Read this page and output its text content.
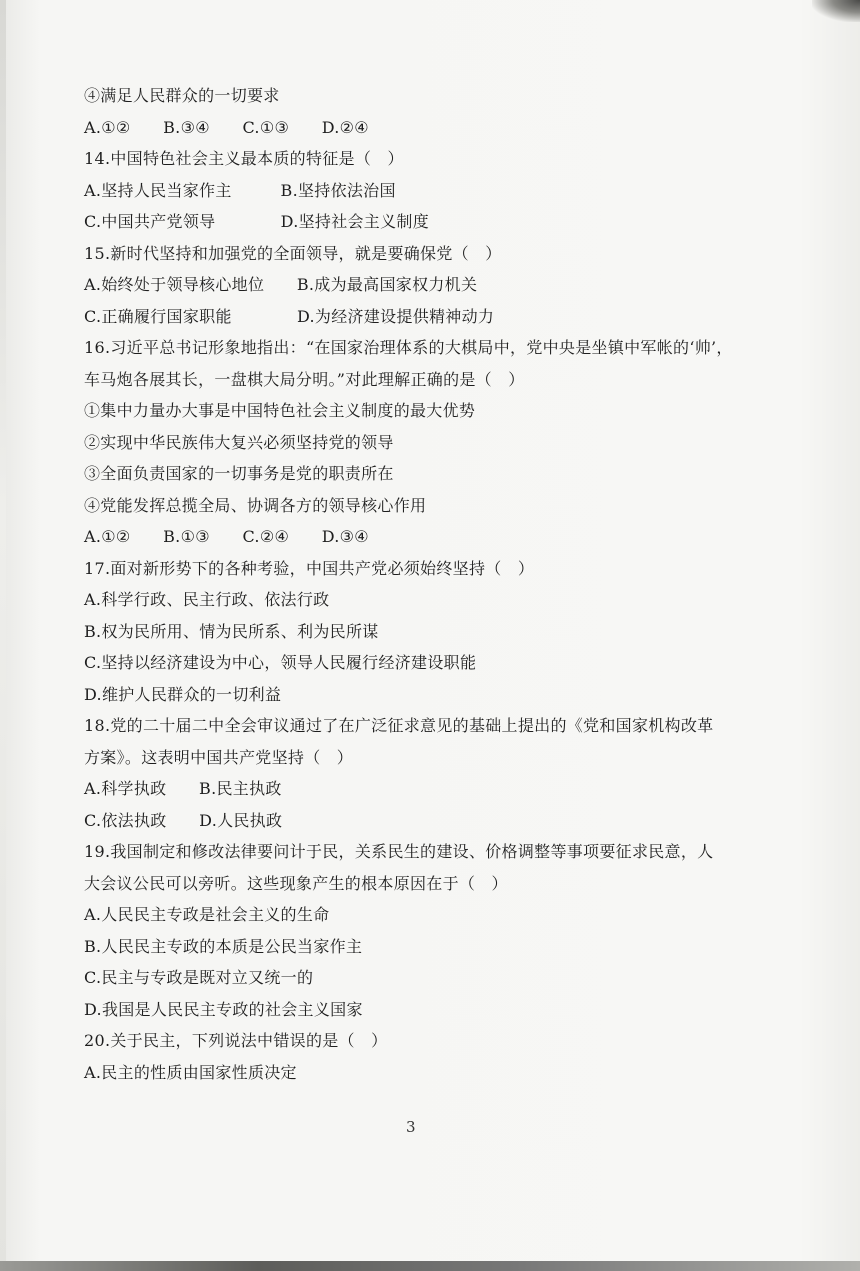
④满足人民群众的一切要求
A.①②　　B.③④　　C.①③　　D.②④
14.中国特色社会主义最本质的特征是（　）
A.坚持人民当家作主　　　B.坚持依法治国
C.中国共产党领导　　　　D.坚持社会主义制度
15.新时代坚持和加强党的全面领导，就是要确保党（　）
A.始终处于领导核心地位　　B.成为最高国家权力机关
C.正确履行国家职能　　　　D.为经济建设提供精神动力
16.习近平总书记形象地指出：“在国家治理体系的大棋局中，党中央是坐镇中军帐的‘帅’，
车马炮各展其长，一盘棋大局分明。”对此理解正确的是（　）
①集中力量办大事是中国特色社会主义制度的最大优势
②实现中华民族伟大复兴必须坚持党的领导
③全面负责国家的一切事务是党的职责所在
④党能发挥总揽全局、协调各方的领导核心作用
A.①②　　B.①③　　C.②④　　D.③④
17.面对新形势下的各种考验，中国共产党必须始终坚持（　）
A.科学行政、民主行政、依法行政
B.权为民所用、情为民所系、利为民所谋
C.坚持以经济建设为中心，领导人民履行经济建设职能
D.维护人民群众的一切利益
18.党的二十届二中全会审议通过了在广泛征求意见的基础上提出的《党和国家机构改革
方案》。这表明中国共产党坚持（　）
A.科学执政　　B.民主执政
C.依法执政　　D.人民执政
19.我国制定和修改法律要问计于民，关系民生的建设、价格调整等事项要征求民意，人
大会议公民可以旁听。这些现象产生的根本原因在于（　）
A.人民民主专政是社会主义的生命
B.人民民主专政的本质是公民当家作主
C.民主与专政是既对立又统一的
D.我国是人民民主专政的社会主义国家
20.关于民主，下列说法中错误的是（　）
A.民主的性质由国家性质决定
3
